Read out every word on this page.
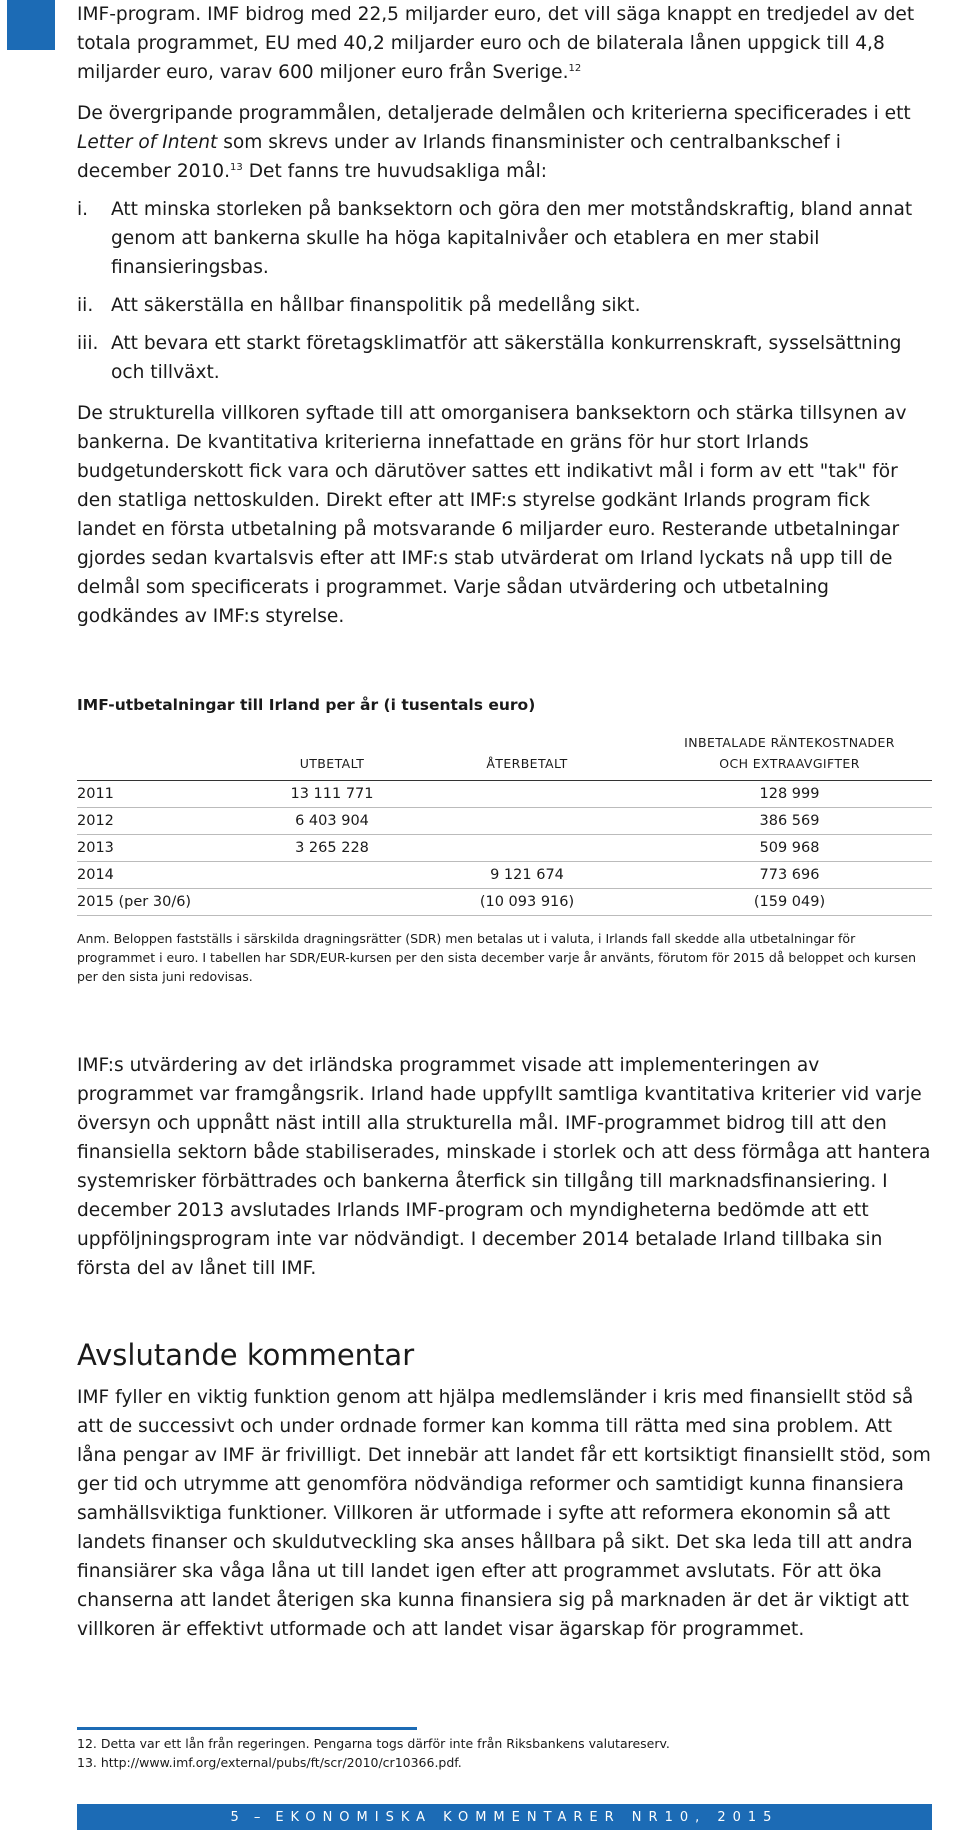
IMF-program. IMF bidrog med 22,5 miljarder euro, det vill säga knappt en tredjedel av det totala programmet, EU med 40,2 miljarder euro och de bilaterala lånen uppgick till 4,8 miljarder euro, varav 600 miljoner euro från Sverige.$^{12}$

De övergripande programmålen, detaljerade delmålen och kriterierna specificerades i ett Letter of Intent som skrevs under av Irlands finansminister och centralbankschef i december 2010.13 Det fanns tre huvudsakliga mål:

i.	Att minska storleken på banksektorn och göra den mer motståndskraftig, bland annat genom att bankerna skulle ha höga kapitalnivåer och etablera en mer stabil finansieringsbas.
ii. Att säkerställa en hållbar finanspolitik på medellång sikt.
iii. Att bevara ett starkt företagsklimatför att säkerställa konkurrenskraft, sysselsättning och tillväxt.

De strukturella villkoren syftade till att omorganisera banksektorn och stärka tillsynen av bankerna. De kvantitativa kriterierna innefattade en gräns för hur stort Irlands budgetunderskott fick vara och därutöver sattes ett indikativt mål i form av ett "tak" för den statliga nettoskulden. Direkt efter att IMF:s styrelse godkänt Irlands program fick landet en första utbetalning på motsvarande 6 miljarder euro. Resterande utbetalningar gjordes sedan kvartalsvis efter att IMF:s stab utvärderat om Irland lyckats nå upp till de delmål som specificerats i programmet. Varje sådan utvärdering och utbetalning godkändes av IMF:s styrelse.

IMF-utbetalningar till Irland per år (i tusentals euro)

	UTBETALT	ÅTERBETALT	INBETALADE RÄNTEKOSTNADER
OCH EXTRAAVGIFTER
2011	13 111 771		128 999
2012	6 403 904		386 569
2013	3 265 228		509 968
2014		9 121 674	773 696
2015 (per 30/6)		(10 093 916)	(159 049)

Anm. Beloppen fastställs i särskilda dragningsrätter (SDR) men betalas ut i valuta, i Irlands fall skedde alla utbetalningar för programmet i euro. I tabellen har SDR/EUR-kursen per den sista december varje år använts, förutom för 2015 då beloppet och kursen per den sista juni redovisas.

IMF:s utvärdering av det irländska programmet visade att implementeringen av programmet var framgångsrik. Irland hade uppfyllt samtliga kvantitativa kriterier vid varje översyn och uppnått näst intill alla strukturella mål. IMF-programmet bidrog till att den finansiella sektorn både stabiliserades, minskade i storlek och att dess förmåga att hantera systemrisker förbättrades och bankerna återfick sin tillgång till marknadsfinansiering. I december 2013 avslutades Irlands IMF-program och myndigheterna bedömde att ett uppföljningsprogram inte var nödvändigt. I december 2014 betalade Irland tillbaka sin första del av lånet till IMF.

Avslutande kommentar

IMF fyller en viktig funktion genom att hjälpa medlemsländer i kris med finansiellt stöd så att de successivt och under ordnade former kan komma till rätta med sina problem. Att låna pengar av IMF är frivilligt. Det innebär att landet får ett kortsiktigt finansiellt stöd, som ger tid och utrymme att genomföra nödvändiga reformer och samtidigt kunna finansiera samhällsviktiga funktioner. Villkoren är utformade i syfte att reformera ekonomin så att landets finanser och skuldutveckling ska anses hållbara på sikt. Det ska leda till att andra finansiärer ska våga låna ut till landet igen efter att programmet avslutats. För att öka chanserna att landet återigen ska kunna finansiera sig på marknaden är det är viktigt att villkoren är effektivt utformade och att landet visar ägarskap för programmet.

12. Detta var ett lån från regeringen. Pengarna togs därför inte från Riksbankens valutareserv.
13. http://www.imf.org/external/pubs/ft/scr/2010/cr10366.pdf.
5 – EKONOMISKA KOMMENTARER NR10, 2015
